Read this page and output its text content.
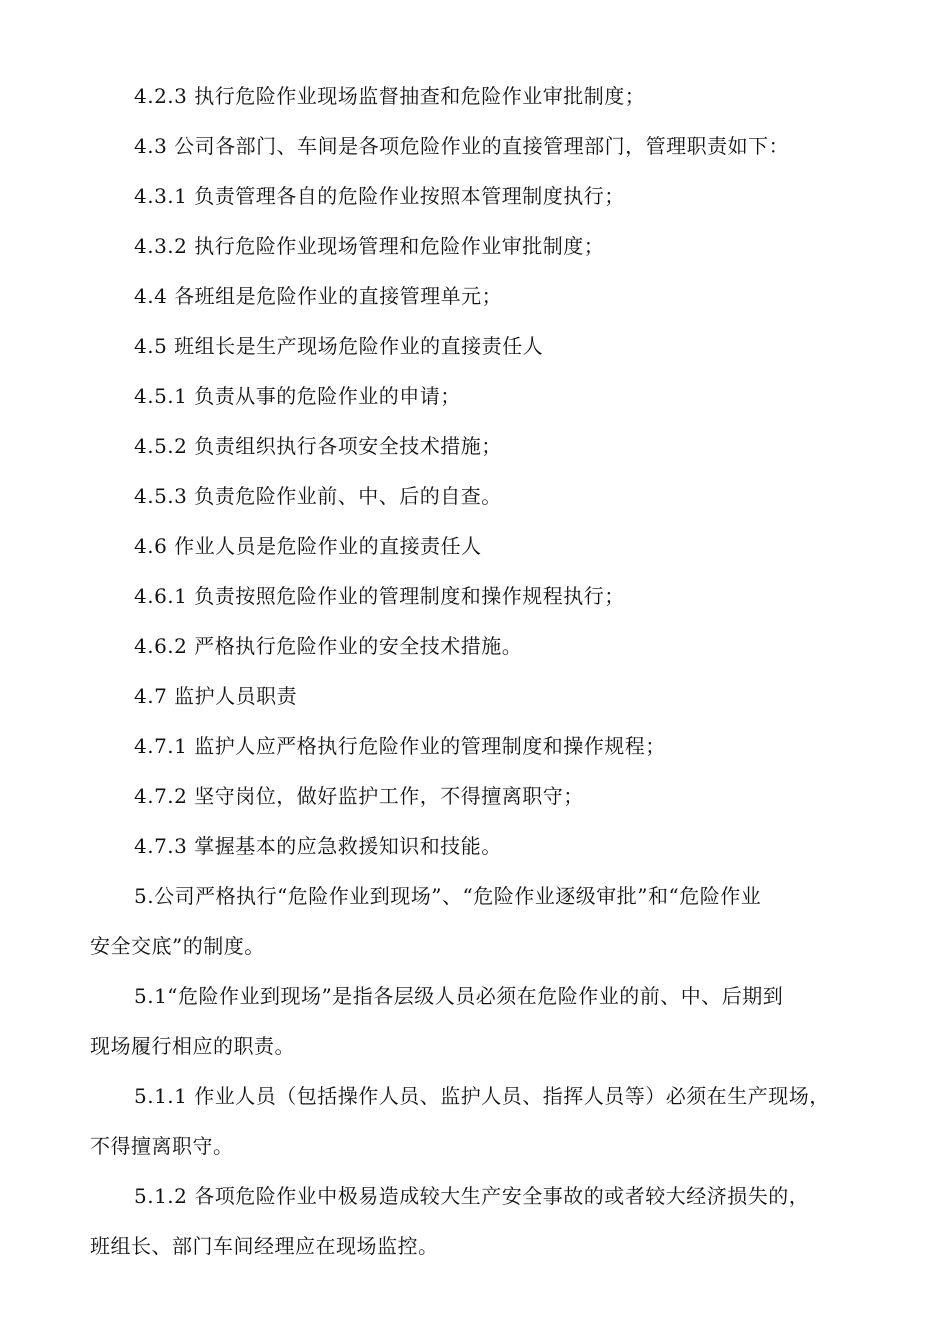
4.2.3 执行危险作业现场监督抽查和危险作业审批制度；
4.3 公司各部门、车间是各项危险作业的直接管理部门，管理职责如下：
4.3.1 负责管理各自的危险作业按照本管理制度执行；
4.3.2 执行危险作业现场管理和危险作业审批制度；
4.4 各班组是危险作业的直接管理单元；
4.5 班组长是生产现场危险作业的直接责任人
4.5.1 负责从事的危险作业的申请；
4.5.2 负责组织执行各项安全技术措施；
4.5.3 负责危险作业前、中、后的自查。
4.6 作业人员是危险作业的直接责任人
4.6.1 负责按照危险作业的管理制度和操作规程执行；
4.6.2 严格执行危险作业的安全技术措施。
4.7 监护人员职责
4.7.1 监护人应严格执行危险作业的管理制度和操作规程；
4.7.2 坚守岗位，做好监护工作，不得擅离职守；
4.7.3 掌握基本的应急救援知识和技能。
5.公司严格执行“危险作业到现场”、“危险作业逐级审批”和“危险作业
安全交底”的制度。
5.1“危险作业到现场”是指各层级人员必须在危险作业的前、中、后期到
现场履行相应的职责。
5.1.1 作业人员（包括操作人员、监护人员、指挥人员等）必须在生产现场，
不得擅离职守。
5.1.2 各项危险作业中极易造成较大生产安全事故的或者较大经济损失的，
班组长、部门车间经理应在现场监控。
